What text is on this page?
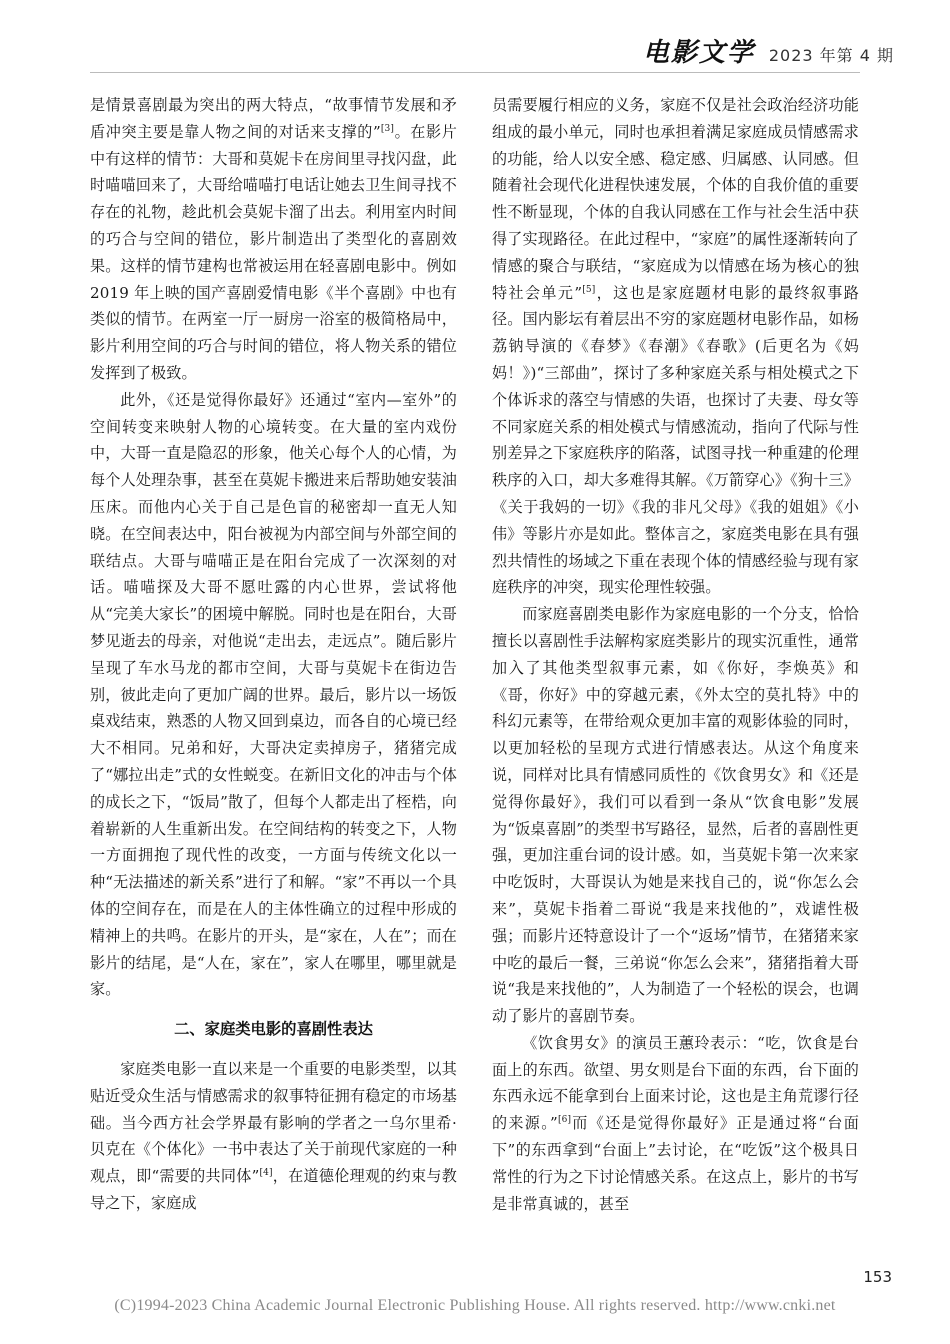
电影文学 2023 年第 4 期

是情景喜剧最为突出的两大特点，“故事情节发展和矛盾冲突主要是靠人物之间的对话来支撑的”[3]。在影片中有这样的情节：大哥和莫妮卡在房间里寻找闪盘，此时喵喵回来了，大哥给喵喵打电话让她去卫生间寻找不存在的礼物，趁此机会莫妮卡溜了出去。利用室内时间的巧合与空间的错位，影片制造出了类型化的喜剧效果。这样的情节建构也常被运用在轻喜剧电影中。例如2019 年上映的国产喜剧爱情电影《半个喜剧》中也有类似的情节。在两室一厅一厨房一浴室的极简格局中，影片利用空间的巧合与时间的错位，将人物关系的错位发挥到了极致。

此外，《还是觉得你最好》还通过“室内—室外”的空间转变来映射人物的心境转变。在大量的室内戏份中，大哥一直是隐忍的形象，他关心每个人的心情，为每个人处理杂事，甚至在莫妮卡搬进来后帮助她安装油压床。而他内心关于自己是色盲的秘密却一直无人知晓。在空间表达中，阳台被视为内部空间与外部空间的联结点。大哥与喵喵正是在阳台完成了一次深刻的对话。喵喵探及大哥不愿吐露的内心世界，尝试将他从“完美大家长”的困境中解脱。同时也是在阳台，大哥梦见逝去的母亲，对他说“走出去，走远点”。随后影片呈现了车水马龙的都市空间，大哥与莫妮卡在街边告别，彼此走向了更加广阔的世界。最后，影片以一场饭桌戏结束，熟悉的人物又回到桌边，而各自的心境已经大不相同。兄弟和好，大哥决定卖掉房子，猪猪完成了“娜拉出走”式的女性蜕变。在新旧文化的冲击与个体的成长之下，“饭局”散了，但每个人都走出了桎梏，向着崭新的人生重新出发。在空间结构的转变之下，人物一方面拥抱了现代性的改变，一方面与传统文化以一种“无法描述的新关系”进行了和解。“家”不再以一个具体的空间存在，而是在人的主体性确立的过程中形成的精神上的共鸣。在影片的开头，是“家在，人在”；而在影片的结尾，是“人在，家在”，家人在哪里，哪里就是家。

二、家庭类电影的喜剧性表达

家庭类电影一直以来是一个重要的电影类型，以其贴近受众生活与情感需求的叙事特征拥有稳定的市场基础。当今西方社会学界最有影响的学者之一乌尔里希·贝克在《个体化》一书中表达了关于前现代家庭的一种观点，即“需要的共同体”[4]，在道德伦理观的约束与教导之下，家庭成

员需要履行相应的义务，家庭不仅是社会政治经济功能组成的最小单元，同时也承担着满足家庭成员情感需求的功能，给人以安全感、稳定感、归属感、认同感。但随着社会现代化进程快速发展，个体的自我价值的重要性不断显现，个体的自我认同感在工作与社会生活中获得了实现路径。在此过程中，“家庭”的属性逐渐转向了情感的聚合与联结，“家庭成为以情感在场为核心的独特社会单元”[5]，这也是家庭题材电影的最终叙事路径。国内影坛有着层出不穷的家庭题材电影作品，如杨荔钠导演的《春梦》《春潮》《春歌》(后更名为《妈妈！》)“三部曲”，探讨了多种家庭关系与相处模式之下个体诉求的落空与情感的失语，也探讨了夫妻、母女等不同家庭关系的相处模式与情感流动，指向了代际与性别差异之下家庭秩序的陷落，试图寻找一种重建的伦理秩序的入口，却大多难得其解。《万箭穿心》《狗十三》《关于我妈的一切》《我的非凡父母》《我的姐姐》《小伟》等影片亦是如此。整体言之，家庭类电影在具有强烈共情性的场域之下重在表现个体的情感经验与现有家庭秩序的冲突，现实伦理性较强。

而家庭喜剧类电影作为家庭电影的一个分支，恰恰擅长以喜剧性手法解构家庭类影片的现实沉重性，通常加入了其他类型叙事元素，如《你好，李焕英》和《哥，你好》中的穿越元素，《外太空的莫扎特》中的科幻元素等，在带给观众更加丰富的观影体验的同时，以更加轻松的呈现方式进行情感表达。从这个角度来说，同样对比具有情感同质性的《饮食男女》和《还是觉得你最好》，我们可以看到一条从“饮食电影”发展为“饭桌喜剧”的类型书写路径，显然，后者的喜剧性更强，更加注重台词的设计感。如，当莫妮卡第一次来家中吃饭时，大哥误认为她是来找自己的，说“你怎么会来”，莫妮卡指着二哥说“我是来找他的”，戏谑性极强；而影片还特意设计了一个“返场”情节，在猪猪来家中吃的最后一餐，三弟说“你怎么会来”，猪猪指着大哥说“我是来找他的”，人为制造了一个轻松的误会，也调动了影片的喜剧节奏。

《饮食男女》的演员王蕙玲表示：“吃，饮食是台面上的东西。欲望、男女则是台下面的东西，台下面的东西永远不能拿到台上面来讨论，这也是主角荒谬行径的来源。”[6]而《还是觉得你最好》正是通过将“台面下”的东西拿到“台面上”去讨论，在“吃饭”这个极具日常性的行为之下讨论情感关系。在这点上，影片的书写是非常真诚的，甚至

153
(C)1994-2023 China Academic Journal Electronic Publishing House. All rights reserved. http://www.cnki.net
